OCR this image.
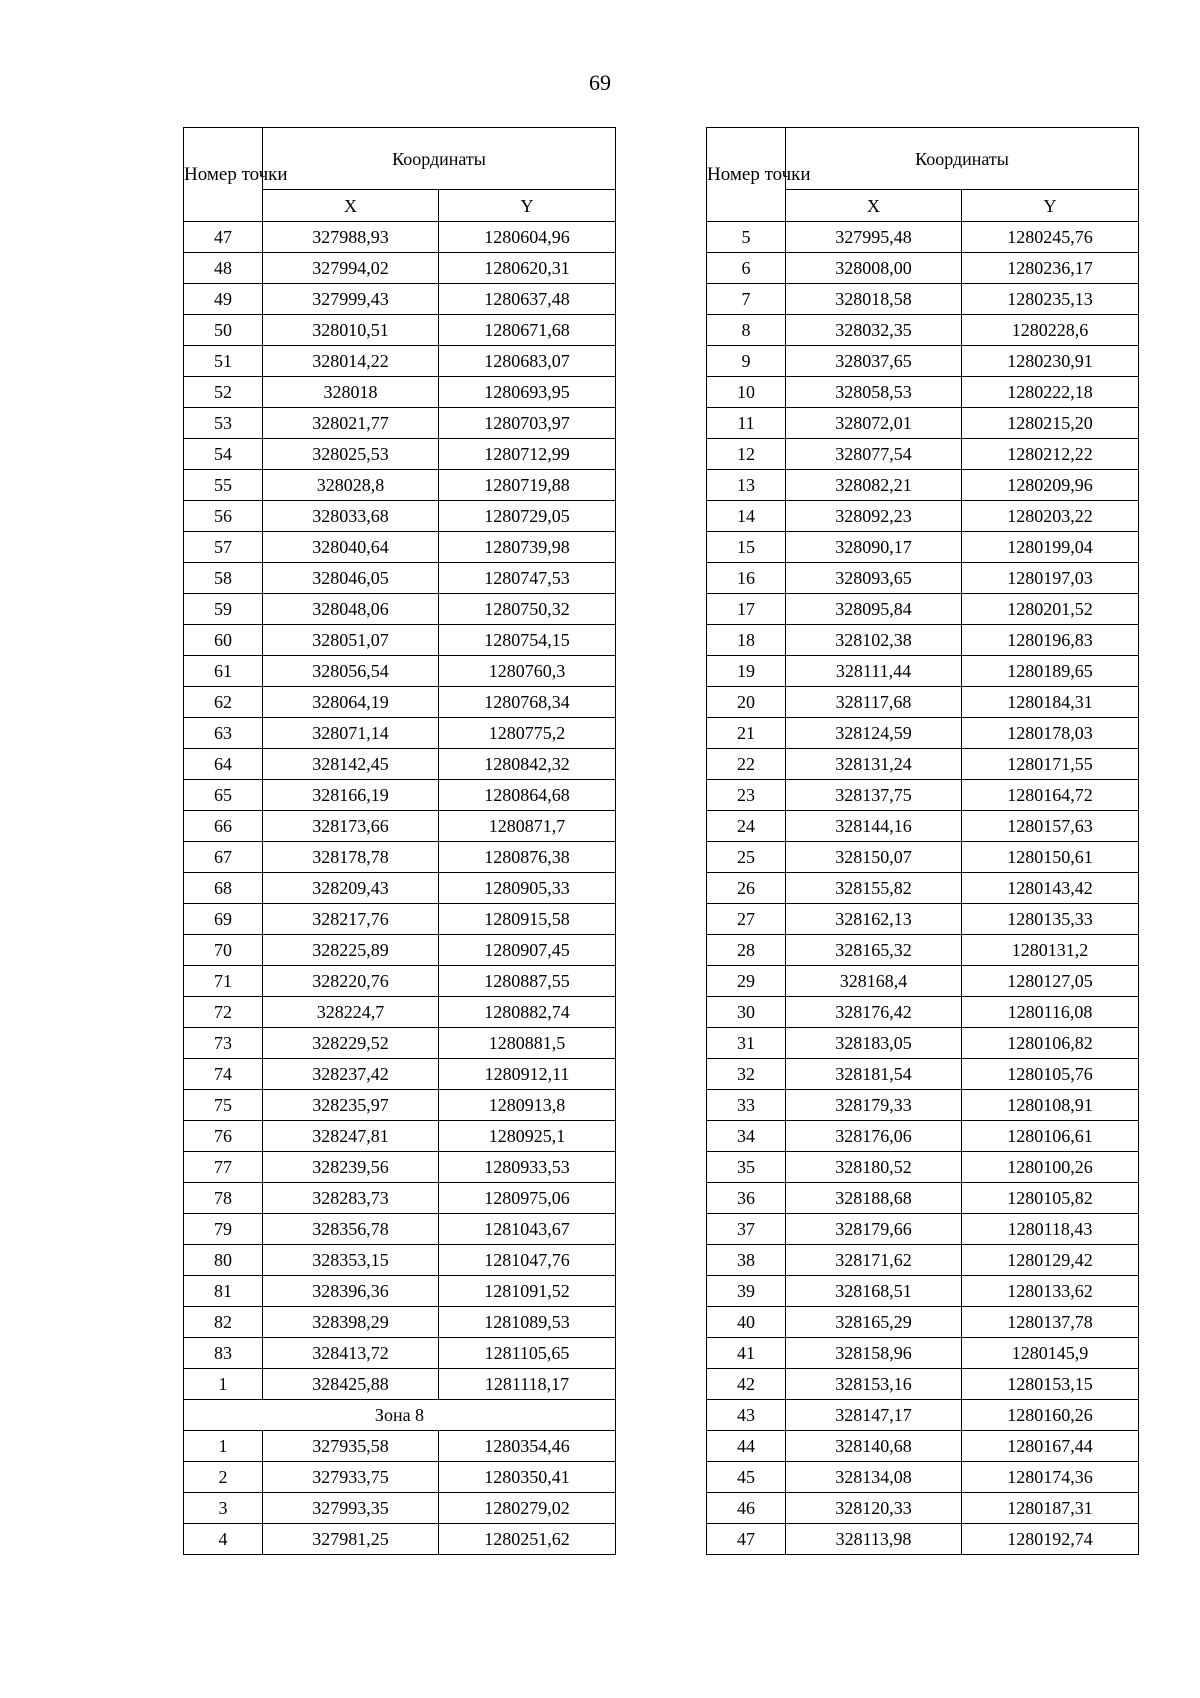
69
Номер точки	Координаты	
	X	Y
47	327988,93	1280604,96
48	327994,02	1280620,31
49	327999,43	1280637,48
50	328010,51	1280671,68
51	328014,22	1280683,07
52	328018	1280693,95
53	328021,77	1280703,97
54	328025,53	1280712,99
55	328028,8	1280719,88
56	328033,68	1280729,05
57	328040,64	1280739,98
58	328046,05	1280747,53
59	328048,06	1280750,32
60	328051,07	1280754,15
61	328056,54	1280760,3
62	328064,19	1280768,34
63	328071,14	1280775,2
64	328142,45	1280842,32
65	328166,19	1280864,68
66	328173,66	1280871,7
67	328178,78	1280876,38
68	328209,43	1280905,33
69	328217,76	1280915,58
70	328225,89	1280907,45
71	328220,76	1280887,55
72	328224,7	1280882,74
73	328229,52	1280881,5
74	328237,42	1280912,11
75	328235,97	1280913,8
76	328247,81	1280925,1
77	328239,56	1280933,53
78	328283,73	1280975,06
79	328356,78	1281043,67
80	328353,15	1281047,76
81	328396,36	1281091,52
82	328398,29	1281089,53
83	328413,72	1281105,65
1	328425,88	1281118,17
Зона 8		
1	327935,58	1280354,46
2	327933,75	1280350,41
3	327993,35	1280279,02
4	327981,25	1280251,62
Номер точки	Координаты	
	X	Y
5	327995,48	1280245,76
6	328008,00	1280236,17
7	328018,58	1280235,13
8	328032,35	1280228,6
9	328037,65	1280230,91
10	328058,53	1280222,18
11	328072,01	1280215,20
12	328077,54	1280212,22
13	328082,21	1280209,96
14	328092,23	1280203,22
15	328090,17	1280199,04
16	328093,65	1280197,03
17	328095,84	1280201,52
18	328102,38	1280196,83
19	328111,44	1280189,65
20	328117,68	1280184,31
21	328124,59	1280178,03
22	328131,24	1280171,55
23	328137,75	1280164,72
24	328144,16	1280157,63
25	328150,07	1280150,61
26	328155,82	1280143,42
27	328162,13	1280135,33
28	328165,32	1280131,2
29	328168,4	1280127,05
30	328176,42	1280116,08
31	328183,05	1280106,82
32	328181,54	1280105,76
33	328179,33	1280108,91
34	328176,06	1280106,61
35	328180,52	1280100,26
36	328188,68	1280105,82
37	328179,66	1280118,43
38	328171,62	1280129,42
39	328168,51	1280133,62
40	328165,29	1280137,78
41	328158,96	1280145,9
42	328153,16	1280153,15
43	328147,17	1280160,26
44	328140,68	1280167,44
45	328134,08	1280174,36
46	328120,33	1280187,31
47	328113,98	1280192,74
